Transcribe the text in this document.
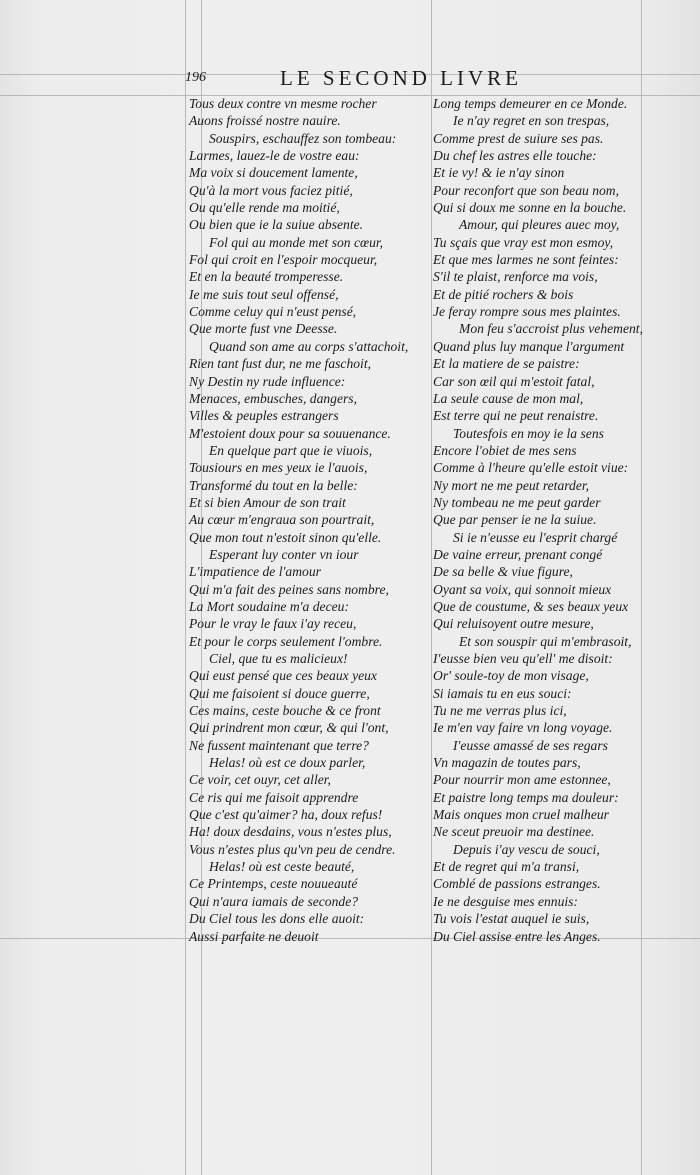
196	LE SECOND LIVRE
Tous deux contre vn mesme rocher
Auons froissé nostre nauire.
Souspirs, eschauffez son tombeau:
Larmes, lauez-le de vostre eau:
Ma voix si doucement lamente,
Qu'à la mort vous faciez pitié,
Ou qu'elle rende ma moitié,
Ou bien que ie la suiue absente.
Fol qui au monde met son cœur,
Fol qui croit en l'espoir mocqueur,
Et en la beauté tromperesse.
Ie me suis tout seul offensé,
Comme celuy qui n'eust pensé,
Que morte fust vne Deesse.
Quand son ame au corps s'attachoit,
Rien tant fust dur, ne me faschoit,
Ny Destin ny rude influence:
Menaces, embusches, dangers,
Villes & peuples estrangers
M'estoient doux pour sa souuenance.
En quelque part que ie viuois,
Tousiours en mes yeux ie l'auois,
Transformé du tout en la belle:
Et si bien Amour de son trait
Au cœur m'engraua son pourtrait,
Que mon tout n'estoit sinon qu'elle.
Esperant luy conter vn iour
L'impatience de l'amour
Qui m'a fait des peines sans nombre,
La Mort soudaine m'a deceu:
Pour le vray le faux i'ay receu,
Et pour le corps seulement l'ombre.
Ciel, que tu es malicieux!
Qui eust pensé que ces beaux yeux
Qui me faisoient si douce guerre,
Ces mains, ceste bouche & ce front
Qui prindrent mon cœur, & qui l'ont,
Ne fussent maintenant que terre?
Helas! où est ce doux parler,
Ce voir, cet ouyr, cet aller,
Ce ris qui me faisoit apprendre
Que c'est qu'aimer? ha, doux refus!
Ha! doux desdains, vous n'estes plus,
Vous n'estes plus qu'vn peu de cendre.
Helas! où est ceste beauté,
Ce Printemps, ceste nouueauté
Qui n'aura iamais de seconde?
Du Ciel tous les dons elle auoit:
Aussi parfaite ne deuoit
Long temps demeurer en ce Monde.
Ie n'ay regret en son trespas,
Comme prest de suiure ses pas.
Du chef les astres elle touche:
Et ie vy! & ie n'ay sinon
Pour reconfort que son beau nom,
Qui si doux me sonne en la bouche.
Amour, qui pleures auec moy,
Tu sçais que vray est mon esmoy,
Et que mes larmes ne sont feintes:
S'il te plaist, renforce ma vois,
Et de pitié rochers & bois
Je feray rompre sous mes plaintes.
Mon feu s'accroist plus vehement,
Quand plus luy manque l'argument
Et la matiere de se paistre:
Car son œil qui m'estoit fatal,
La seule cause de mon mal,
Est terre qui ne peut renaistre.
Toutesfois en moy ie la sens
Encore l'obiet de mes sens
Comme à l'heure qu'elle estoit viue:
Ny mort ne me peut retarder,
Ny tombeau ne me peut garder
Que par penser ie ne la suiue.
Si ie n'eusse eu l'esprit chargé
De vaine erreur, prenant congé
De sa belle & viue figure,
Oyant sa voix, qui sonnoit mieux
Que de coustume, & ses beaux yeux
Qui reluisoyent outre mesure,
Et son souspir qui m'embrasoit,
I'eusse bien veu qu'ell' me disoit:
Or' soule-toy de mon visage,
Si iamais tu en eus souci:
Tu ne me verras plus ici,
Ie m'en vay faire vn long voyage.
I'eusse amassé de ses regars
Vn magazin de toutes pars,
Pour nourrir mon ame estonnee,
Et paistre long temps ma douleur:
Mais onques mon cruel malheur
Ne sceut preuoir ma destinee.
Depuis i'ay vescu de souci,
Et de regret qui m'a transi,
Comblé de passions estranges.
Ie ne desguise mes ennuis:
Tu vois l'estat auquel ie suis,
Du Ciel assise entre les Anges.
